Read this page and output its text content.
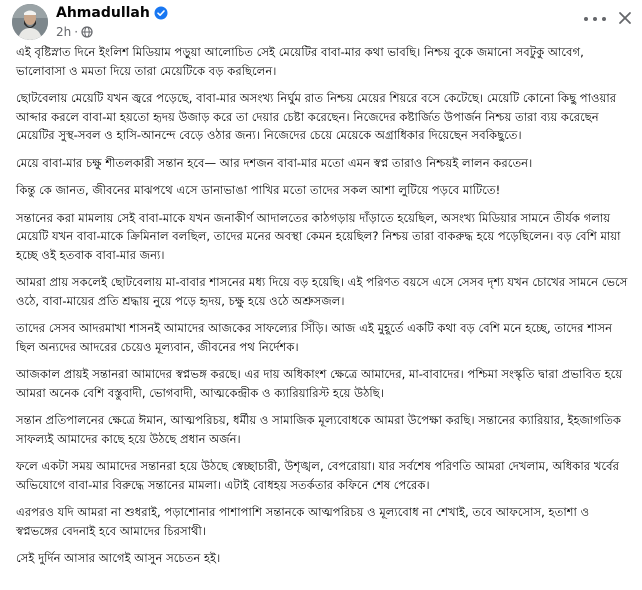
Ahmadullah
2h ·

এই বৃষ্টিস্নাত দিনে ইংলিশ মিডিয়াম পড়ুয়া আলোচিত সেই মেয়েটির বাবা-মার কথা ভাবছি। নিশ্চয় বুকে জমানো সবটুকু আবেগ, ভালোবাসা ও মমতা দিয়ে তারা মেয়েটিকে বড় করছিলেন।

ছোটবেলায় মেয়েটি যখন জ্বরে পড়েছে, বাবা-মার অসংখ্য নির্ঘুম রাত নিশ্চয় মেয়ের শিয়রে বসে কেটেছে। মেয়েটি কোনো কিছু পাওয়ার আব্দার করলে বাবা-মা হয়তো হৃদয় উজাড় করে তা দেয়ার চেষ্টা করেছেন। নিজেদের কষ্টার্জিত উপার্জন নিশ্চয় তারা ব্যয় করেছেন মেয়েটির সুস্থ-সবল ও হাসি-আনন্দে বেড়ে ওঠার জন্য। নিজেদের চেয়ে মেয়েকে অগ্রাধিকার দিয়েছেন সবকিছুতে।

মেয়ে বাবা-মার চক্ষু শীতলকারী সন্তান হবে— আর দশজন বাবা-মার মতো এমন স্বপ্ন তারাও নিশ্চয়ই লালন করতেন।

কিন্তু কে জানত, জীবনের মাঝপথে এসে ডানাভাঙা পাখির মতো তাদের সকল আশা লুটিয়ে পড়বে মাটিতে!

সন্তানের করা মামলায় সেই বাবা-মাকে যখন জনাকীর্ণ আদালতের কাঠগড়ায় দাঁড়াতে হয়েছিল, অসংখ্য মিডিয়ার সামনে তীর্যক গলায় মেয়েটি যখন বাবা-মাকে ক্রিমিনাল বলছিল, তাদের মনের অবস্থা কেমন হয়েছিল? নিশ্চয় তারা বাকরুদ্ধ হয়ে পড়েছিলেন। বড় বেশি মায়া হচ্ছে ওই হতবাক বাবা-মার জন্য।

আমরা প্রায় সকলেই ছোটবেলায় মা-বাবার শাসনের মধ্য দিয়ে বড় হয়েছি। এই পরিণত বয়সে এসে সেসব দৃশ্য যখন চোখের সামনে ভেসে ওঠে, বাবা-মায়ের প্রতি শ্রদ্ধায় নুয়ে পড়ে হৃদয়, চক্ষু হয়ে ওঠে অশ্রুসজল।

তাদের সেসব আদরমাখা শাসনই আমাদের আজকের সাফল্যের সিঁড়ি। আজ এই মুহূর্তে একটি কথা বড় বেশি মনে হচ্ছে, তাদের শাসন ছিল অন্যদের আদরের চেয়েও মূল্যবান, জীবনের পথ নির্দেশক।

আজকাল প্রায়ই সন্তানরা আমাদের স্বপ্নভঙ্গ করছে। এর দায় অধিকাংশ ক্ষেত্রে আমাদের, মা-বাবাদের। পশ্চিমা সংস্কৃতি দ্বারা প্রভাবিত হয়ে আমরা অনেক বেশি বস্তুবাদী, ভোগবাদী, আত্মকেন্দ্রীক ও ক্যারিয়ারিস্ট হয়ে উঠছি।

সন্তান প্রতিপালনের ক্ষেত্রে ঈমান, আত্মপরিচয়, ধর্মীয় ও সামাজিক মূল্যবোধকে আমরা উপেক্ষা করছি। সন্তানের ক্যারিয়ার, ইহজাগতিক সাফল্যই আমাদের কাছে হয়ে উঠছে প্রধান অর্জন।

ফলে একটা সময় আমাদের সন্তানরা হয়ে উঠছে স্বেচ্ছাচারী, উশৃঙ্খল, বেপরোয়া। যার সর্বশেষ পরিণতি আমরা দেখলাম, অধিকার খর্বের অভিযোগে বাবা-মার বিরুদ্ধে সন্তানের মামলা। এটাই বোধহয় সতর্কতার কফিনে শেষ পেরেক।

এরপরও যদি আমরা না শুধরাই, পড়াশোনার পাশাপাশি সন্তানকে আত্মপরিচয় ও মূল্যবোধ না শেখাই, তবে আফসোস, হতাশা ও স্বপ্নভঙ্গের বেদনাই হবে আমাদের চিরসাথী।

সেই দুর্দিন আসার আগেই আসুন সচেতন হই।
